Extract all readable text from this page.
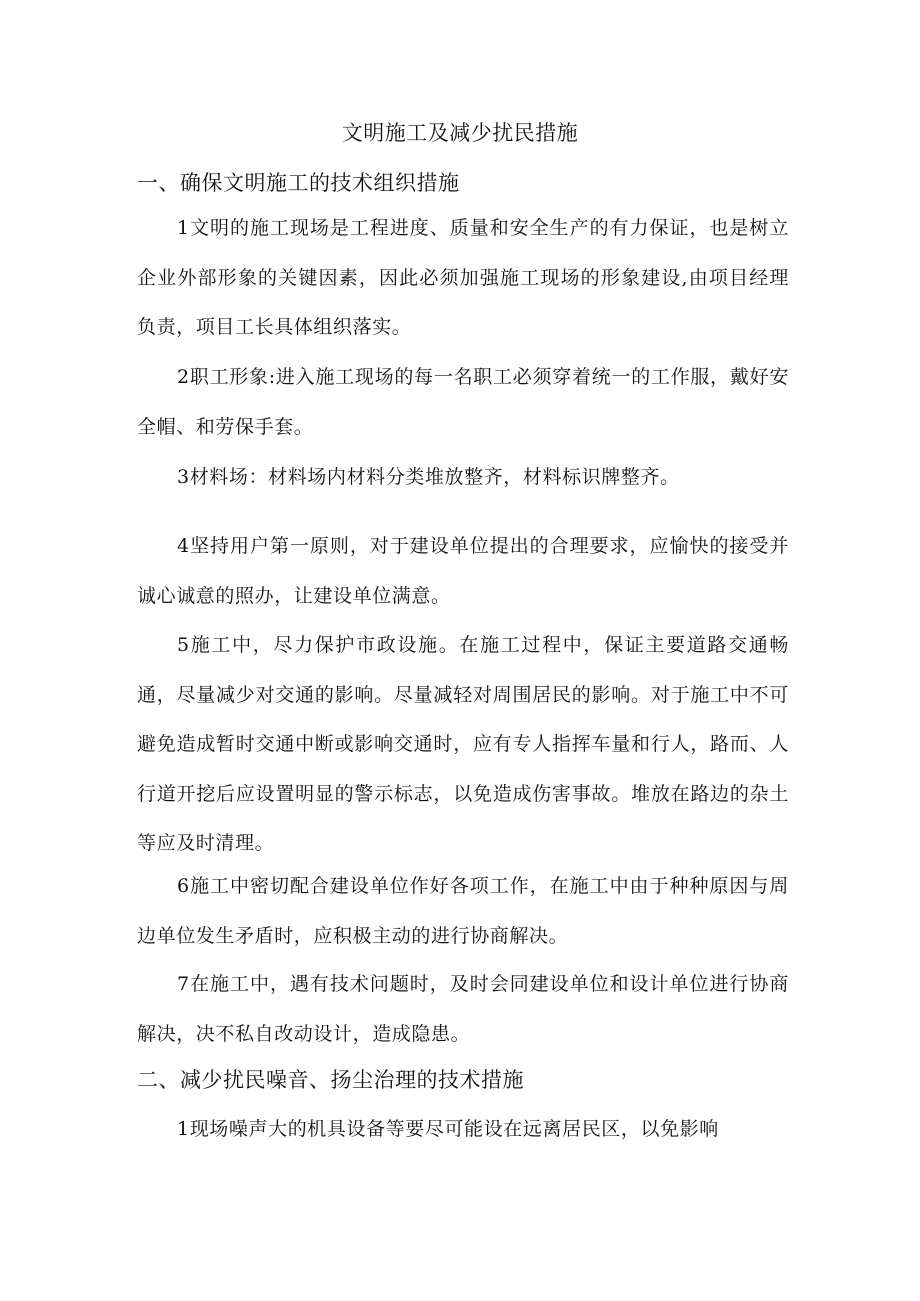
文明施工及减少扰民措施
一、确保文明施工的技术组织措施

1文明的施工现场是工程进度、质量和安全生产的有力保证，也是树立企业外部形象的关键因素，因此必须加强施工现场的形象建设,由项目经理负责，项目工长具体组织落实。

2职工形象:进入施工现场的每一名职工必须穿着统一的工作服，戴好安全帽、和劳保手套。

3材料场：材料场内材料分类堆放整齐，材料标识牌整齐。

4坚持用户第一原则，对于建设单位提出的合理要求，应愉快的接受并诚心诚意的照办，让建设单位满意。

5施工中，尽力保护市政设施。在施工过程中，保证主要道路交通畅通，尽量减少对交通的影响。尽量减轻对周围居民的影响。对于施工中不可避免造成暂时交通中断或影响交通时，应有专人指挥车量和行人，路而、人行道开挖后应设置明显的警示标志，以免造成伤害事故。堆放在路边的杂土等应及时清理。

6施工中密切配合建设单位作好各项工作，在施工中由于种种原因与周边单位发生矛盾时，应积极主动的进行协商解决。

7在施工中，遇有技术问题时，及时会同建设单位和设计单位进行协商解决，决不私自改动设计，造成隐患。

二、减少扰民噪音、扬尘治理的技术措施

1现场噪声大的机具设备等要尽可能设在远离居民区，以免影响
